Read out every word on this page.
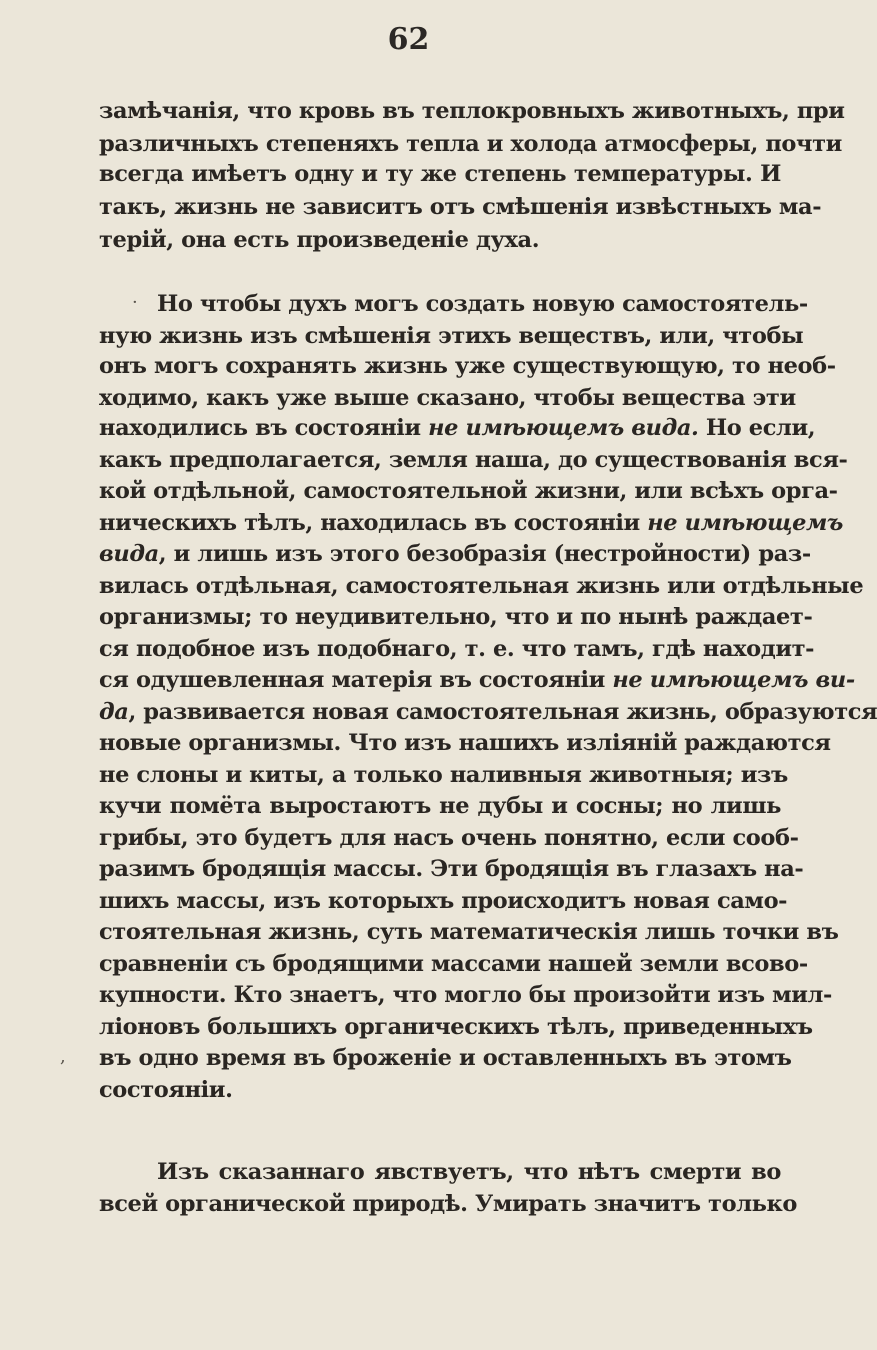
62
замѣчанія, что кровь въ теплокровныхъ животныхъ, при
различныхъ степеняхъ тепла и холода атмосферы, почти
всегда имѣетъ одну и ту же степень температуры. И
такъ, жизнь не зависитъ отъ смѣшенія извѣстныхъ ма-
терій, она есть произведеніе духа.
· Но чтобы духъ могъ создать новую самостоятель-
ную жизнь изъ смѣшенія этихъ веществъ, или, чтобы
онъ могъ сохранять жизнь уже существующую, то необ-
ходимо, какъ уже выше сказано, чтобы вещества эти
находились въ состояніи не имѣющемъ вида. Но если,
какъ предполагается, земля наша, до существованія вся-
кой отдѣльной, самостоятельной жизни, или всѣхъ орга-
ническихъ тѣлъ, находилась въ состояніи не имѣющемъ
вида, и лишь изъ этого безобразія (нестройности) раз-
вилась отдѣльная, самостоятельная жизнь или отдѣльные
организмы; то неудивительно, что и по нынѣ раждает-
ся подобное изъ подобнаго, т. е. что тамъ, гдѣ находит-
ся одушевленная матерія въ состояніи не имѣющемъ ви-
да, развивается новая самостоятельная жизнь, образуются
новые организмы. Что изъ нашихъ изліяній раждаются
не слоны и киты, а только наливныя животныя; изъ
кучи помёта выростаютъ не дубы и сосны; но лишь
грибы, это будетъ для насъ очень понятно, если сооб-
разимъ бродящія массы. Эти бродящія въ глазахъ на-
шихъ массы, изъ которыхъ происходитъ новая само-
стоятельная жизнь, суть математическія лишь точки въ
сравненіи съ бродящими массами нашей земли всово-
купности. Кто знаетъ, что могло бы произойти изъ мил-
ліоновъ большихъ органическихъ тѣлъ, приведенныхъ
, въ одно время въ броженіе и оставленныхъ въ этомъ
состояніи.
Изъ сказаннаго явствуетъ, что нѣтъ смерти во
всей органической природѣ. Умирать значитъ только
